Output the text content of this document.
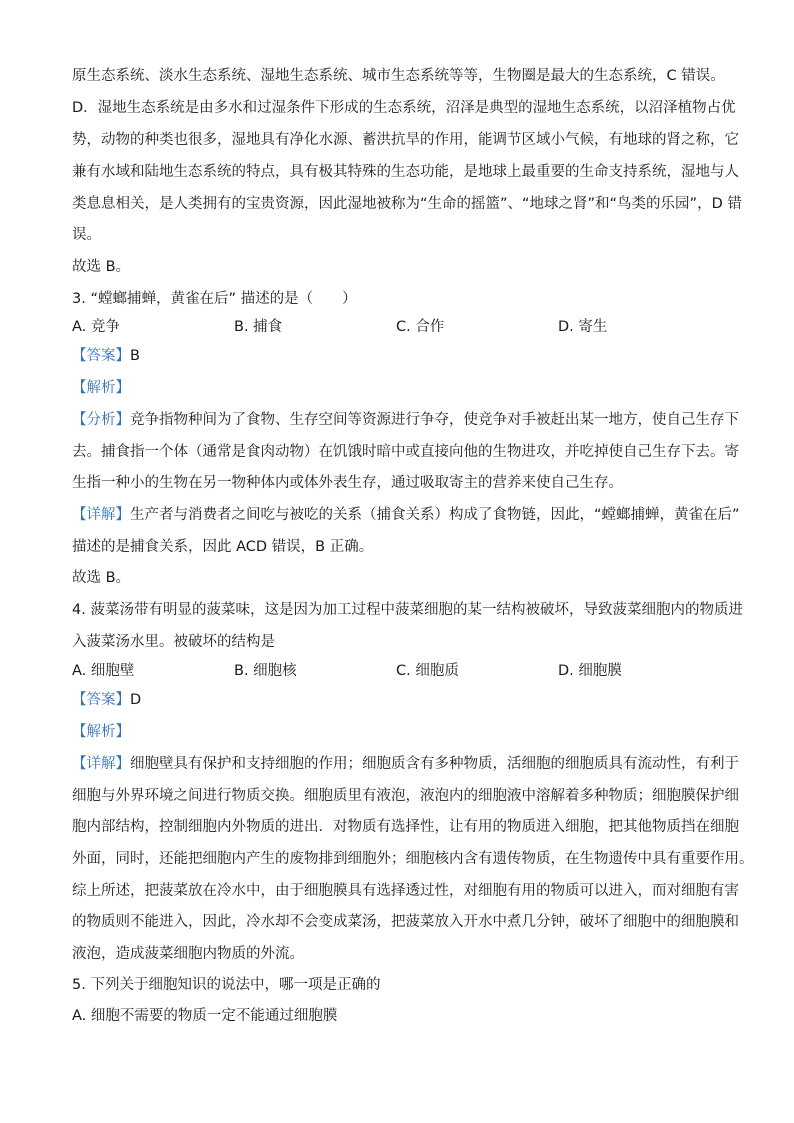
原生态系统、淡水生态系统、湿地生态系统、城市生态系统等等，生物圈是最大的生态系统，C 错误。
D．湿地生态系统是由多水和过湿条件下形成的生态系统，沼泽是典型的湿地生态系统，以沼泽植物占优
势，动物的种类也很多，湿地具有净化水源、蓄洪抗旱的作用，能调节区域小气候，有地球的肾之称，它
兼有水域和陆地生态系统的特点，具有极其特殊的生态功能，是地球上最重要的生命支持系统，湿地与人
类息息相关，是人类拥有的宝贵资源，因此湿地被称为“生命的摇篮”、“地球之肾”和“鸟类的乐园”，D 错
误。
故选 B。
3. “螳螂捕蝉，黄雀在后” 描述的是（　　）
A. 竞争	B. 捕食	C. 合作	D. 寄生
【答案】B
【解析】
【分析】竞争指物种间为了食物、生存空间等资源进行争夺，使竞争对手被赶出某一地方，使自己生存下
去。捕食指一个体（通常是食肉动物）在饥饿时暗中或直接向他的生物进攻，并吃掉使自己生存下去。寄
生指一种小的生物在另一物种体内或体外表生存，通过吸取寄主的营养来使自己生存。
【详解】生产者与消费者之间吃与被吃的关系（捕食关系）构成了食物链，因此，“螳螂捕蝉，黄雀在后”
描述的是捕食关系，因此 ACD 错误，B 正确。
故选 B。
4. 菠菜汤带有明显的菠菜味，这是因为加工过程中菠菜细胞的某一结构被破坏，导致菠菜细胞内的物质进
入菠菜汤水里。被破坏的结构是
A. 细胞壁	B. 细胞核	C. 细胞质	D. 细胞膜
【答案】D
【解析】
【详解】细胞壁具有保护和支持细胞的作用；细胞质含有多种物质，活细胞的细胞质具有流动性，有利于
细胞与外界环境之间进行物质交换。细胞质里有液泡，液泡内的细胞液中溶解着多种物质；细胞膜保护细
胞内部结构，控制细胞内外物质的进出．对物质有选择性，让有用的物质进入细胞，把其他物质挡在细胞
外面，同时，还能把细胞内产生的废物排到细胞外；细胞核内含有遗传物质，在生物遗传中具有重要作用。
综上所述，把菠菜放在冷水中，由于细胞膜具有选择透过性，对细胞有用的物质可以进入，而对细胞有害
的物质则不能进入，因此，冷水却不会变成菜汤，把菠菜放入开水中煮几分钟，破坏了细胞中的细胞膜和
液泡，造成菠菜细胞内物质的外流。
5. 下列关于细胞知识的说法中，哪一项是正确的
A. 细胞不需要的物质一定不能通过细胞膜
